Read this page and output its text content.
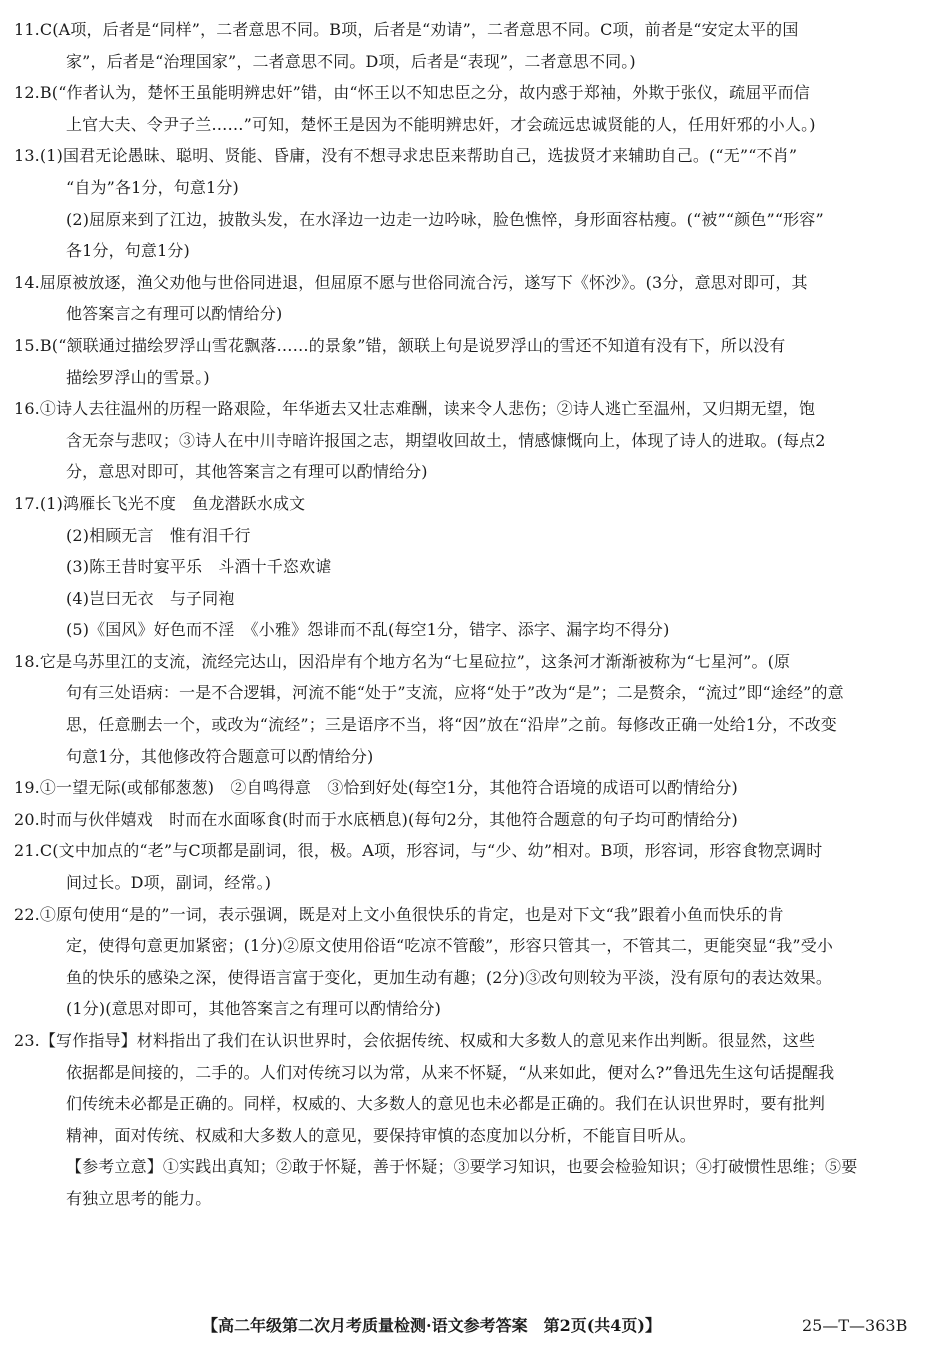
11.C(A项，后者是“同样”，二者意思不同。B项，后者是“劝请”，二者意思不同。C项，前者是“安定太平的国
家”，后者是“治理国家”，二者意思不同。D项，后者是“表现”，二者意思不同。)
12.B(“作者认为，楚怀王虽能明辨忠奸”错，由“怀王以不知忠臣之分，故内惑于郑袖，外欺于张仪，疏屈平而信
上官大夫、令尹子兰……”可知，楚怀王是因为不能明辨忠奸，才会疏远忠诚贤能的人，任用奸邪的小人。)
13.(1)国君无论愚昧、聪明、贤能、昏庸，没有不想寻求忠臣来帮助自己，选拔贤才来辅助自己。(“无”“不肖”
“自为”各1分，句意1分)
(2)屈原来到了江边，披散头发，在水泽边一边走一边吟咏，脸色憔悴，身形面容枯瘦。(“被”“颜色”“形容”
各1分，句意1分)
14.屈原被放逐，渔父劝他与世俗同进退，但屈原不愿与世俗同流合污，遂写下《怀沙》。(3分，意思对即可，其
他答案言之有理可以酌情给分)
15.B(“颔联通过描绘罗浮山雪花飘落……的景象”错，颔联上句是说罗浮山的雪还不知道有没有下，所以没有
描绘罗浮山的雪景。)
16.①诗人去往温州的历程一路艰险，年华逝去又壮志难酬，读来令人悲伤；②诗人逃亡至温州，又归期无望，饱
含无奈与悲叹；③诗人在中川寺暗许报国之志，期望收回故土，情感慷慨向上，体现了诗人的进取。(每点2
分，意思对即可，其他答案言之有理可以酌情给分)
17.(1)鸿雁长飞光不度　鱼龙潜跃水成文
(2)相顾无言　惟有泪千行
(3)陈王昔时宴平乐　斗酒十千恣欢谑
(4)岂曰无衣　与子同袍
(5)《国风》好色而不淫　《小雅》怨诽而不乱(每空1分，错字、添字、漏字均不得分)
18.它是乌苏里江的支流，流经完达山，因沿岸有个地方名为“七星砬拉”，这条河才渐渐被称为“七星河”。(原
句有三处语病：一是不合逻辑，河流不能“处于”支流，应将“处于”改为“是”；二是赘余，“流过”即“途经”的意
思，任意删去一个，或改为“流经”；三是语序不当，将“因”放在“沿岸”之前。每修改正确一处给1分，不改变
句意1分，其他修改符合题意可以酌情给分)
19.①一望无际(或郁郁葱葱)　②自鸣得意　③恰到好处(每空1分，其他符合语境的成语可以酌情给分)
20.时而与伙伴嬉戏　时而在水面啄食(时而于水底栖息)(每句2分，其他符合题意的句子均可酌情给分)
21.C(文中加点的“老”与C项都是副词，很，极。A项，形容词，与“少、幼”相对。B项，形容词，形容食物烹调时
间过长。D项，副词，经常。)
22.①原句使用“是的”一词，表示强调，既是对上文小鱼很快乐的肯定，也是对下文“我”跟着小鱼而快乐的肯
定，使得句意更加紧密；(1分)②原文使用俗语“吃凉不管酸”，形容只管其一，不管其二，更能突显“我”受小
鱼的快乐的感染之深，使得语言富于变化，更加生动有趣；(2分)③改句则较为平淡，没有原句的表达效果。
(1分)(意思对即可，其他答案言之有理可以酌情给分)
23.【写作指导】材料指出了我们在认识世界时，会依据传统、权威和大多数人的意见来作出判断。很显然，这些
依据都是间接的，二手的。人们对传统习以为常，从来不怀疑，“从来如此，便对么?”鲁迅先生这句话提醒我
们传统未必都是正确的。同样，权威的、大多数人的意见也未必都是正确的。我们在认识世界时，要有批判
精神，面对传统、权威和大多数人的意见，要保持审慎的态度加以分析，不能盲目听从。
【参考立意】①实践出真知；②敢于怀疑，善于怀疑；③要学习知识，也要会检验知识；④打破惯性思维；⑤要
有独立思考的能力。
【高二年级第二次月考质量检测·语文参考答案　第2页(共4页)】	25—T—363B
